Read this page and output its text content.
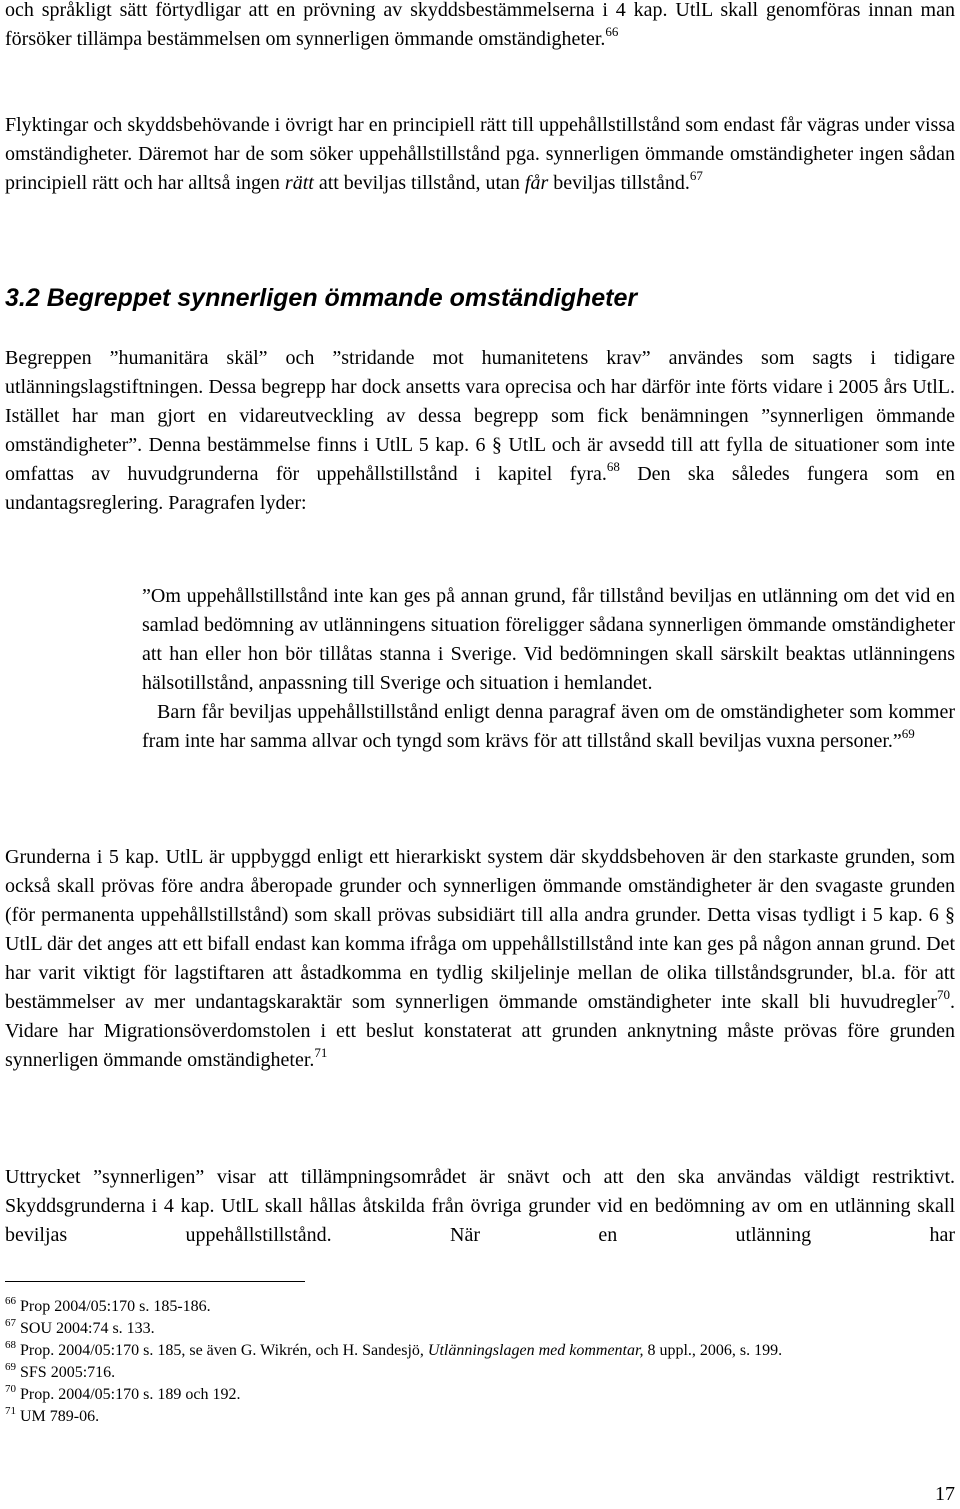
och språkligt sätt förtydligar att en prövning av skyddsbestämmelserna i 4 kap. UtlL skall genomföras innan man försöker tillämpa bestämmelsen om synnerligen ömmande omständigheter.$^{66}$

Flyktingar och skyddsbehövande i övrigt har en principiell rätt till uppehållstillstånd som endast får vägras under vissa omständigheter. Däremot har de som söker uppehållstillstånd pga. synnerligen ömmande omständigheter ingen sådan principiell rätt och har alltså ingen rätt att beviljas tillstånd, utan får beviljas tillstånd.$^{67}$

3.2 Begreppet synnerligen ömmande omständigheter

Begreppen ”humanitära skäl” och ”stridande mot humanitetens krav” användes som sagts i tidigare utlänningslagstiftningen. Dessa begrepp har dock ansetts vara oprecisa och har därför inte förts vidare i 2005 års UtlL. Istället har man gjort en vidareutveckling av dessa begrepp som fick benämningen ”synnerligen ömmande omständigheter”. Denna bestämmelse finns i UtlL 5 kap. 6 § UtlL och är avsedd till att fylla de situationer som inte omfattas av huvudgrunderna för uppehållstillstånd i kapitel fyra.$^{68}$ Den ska således fungera som en undantagsreglering. Paragrafen lyder:

”Om uppehållstillstånd inte kan ges på annan grund, får tillstånd beviljas en utlänning om det vid en samlad bedömning av utlänningens situation föreligger sådana synnerligen ömmande omständigheter att han eller hon bör tillåtas stanna i Sverige. Vid bedömningen skall särskilt beaktas utlänningens hälsotillstånd, anpassning till Sverige och situation i hemlandet.

Barn får beviljas uppehållstillstånd enligt denna paragraf även om de omständigheter som kommer fram inte har samma allvar och tyngd som krävs för att tillstånd skall beviljas vuxna personer.”$^{69}$

Grunderna i 5 kap. UtlL är uppbyggd enligt ett hierarkiskt system där skyddsbehoven är den starkaste grunden, som också skall prövas före andra åberopade grunder och synnerligen ömmande omständigheter är den svagaste grunden (för permanenta uppehållstillstånd) som skall prövas subsidiärt till alla andra grunder. Detta visas tydligt i 5 kap. 6 § UtlL där det anges att ett bifall endast kan komma ifråga om uppehållstillstånd inte kan ges på någon annan grund. Det har varit viktigt för lagstiftaren att åstadkomma en tydlig skiljelinje mellan de olika tillståndsgrunder, bl.a. för att bestämmelser av mer undantagskaraktär som synnerligen ömmande omständigheter inte skall bli huvudregler$^{70}$. Vidare har Migrationsöverdomstolen i ett beslut konstaterat att grunden anknytning måste prövas före grunden synnerligen ömmande omständigheter.$^{71}$

Uttrycket ”synnerligen” visar att tillämpningsområdet är snävt och att den ska användas väldigt restriktivt. Skyddsgrunderna i 4 kap. UtlL skall hållas åtskilda från övriga grunder vid en bedömning av om en utlänning skall beviljas uppehållstillstånd. När en utlänning har

$^{66}$ Prop 2004/05:170 s. 185-186.

$^{67}$ SOU 2004:74 s. 133.

$^{68}$ Prop. 2004/05:170 s. 185, se även G. Wikrén, och H. Sandesjö, Utlänningslagen med kommentar, 8 uppl., 2006, s. 199.

$^{69}$ SFS 2005:716.

$^{70}$ Prop. 2004/05:170 s. 189 och 192.

$^{71}$ UM 789-06.

17
